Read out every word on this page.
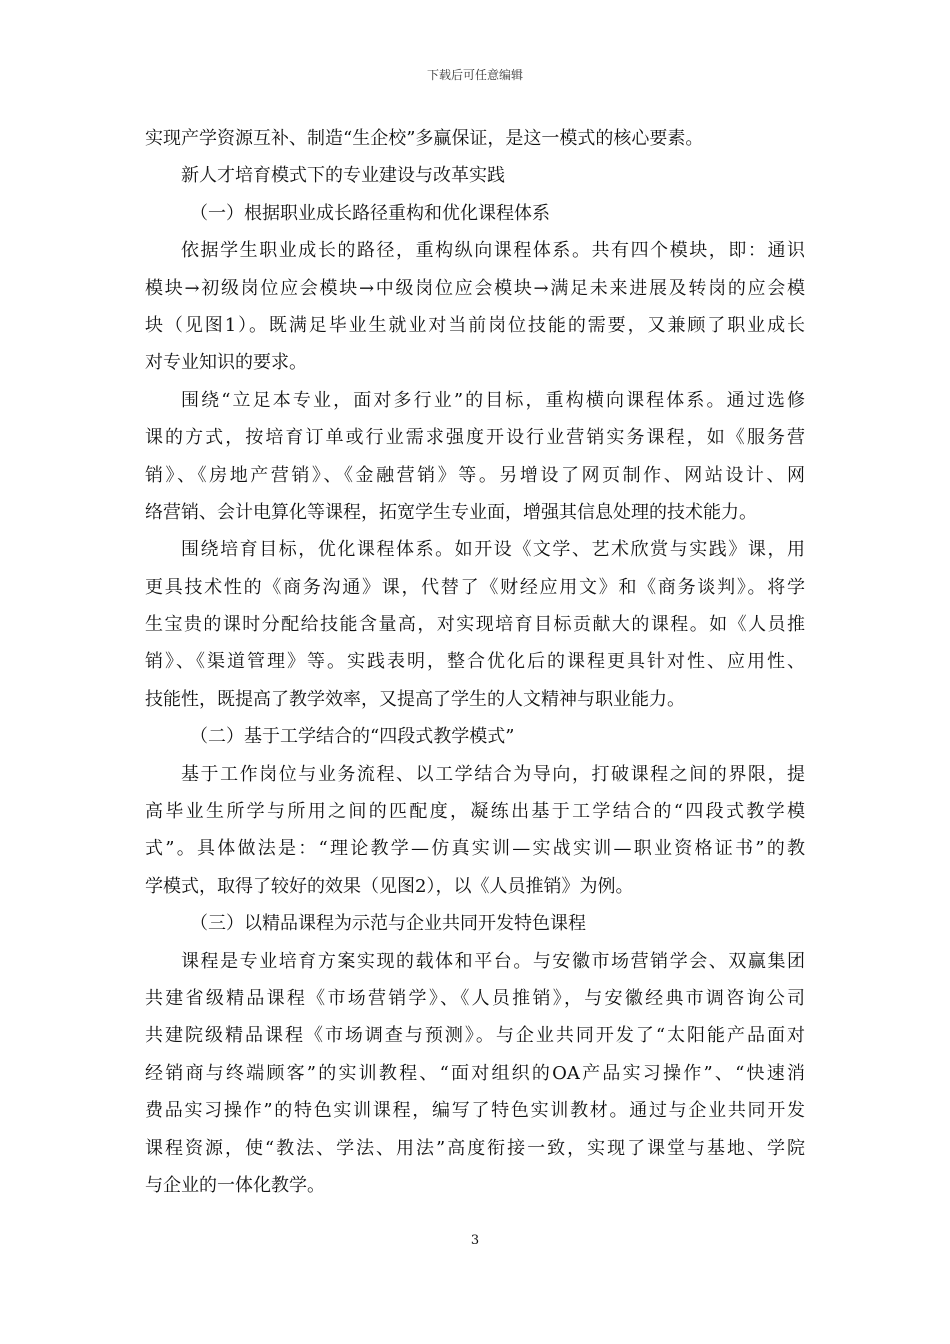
下载后可任意编辑
实现产学资源互补、制造“生企校”多赢保证，是这一模式的核心要素。
新人才培育模式下的专业建设与改革实践
（一）根据职业成长路径重构和优化课程体系
依据学生职业成长的路径，重构纵向课程体系。共有四个模块，即：通识
模块→初级岗位应会模块→中级岗位应会模块→满足未来进展及转岗的应会模
块（见图1）。既满足毕业生就业对当前岗位技能的需要，又兼顾了职业成长
对专业知识的要求。
围绕“立足本专业，面对多行业”的目标，重构横向课程体系。通过选修
课的方式，按培育订单或行业需求强度开设行业营销实务课程，如《服务营
销》、《房地产营销》、《金融营销》等。另增设了网页制作、网站设计、网
络营销、会计电算化等课程，拓宽学生专业面，增强其信息处理的技术能力。
围绕培育目标，优化课程体系。如开设《文学、艺术欣赏与实践》课，用
更具技术性的《商务沟通》课，代替了《财经应用文》和《商务谈判》。将学
生宝贵的课时分配给技能含量高，对实现培育目标贡献大的课程。如《人员推
销》、《渠道管理》等。实践表明，整合优化后的课程更具针对性、应用性、
技能性，既提高了教学效率，又提高了学生的人文精神与职业能力。
（二）基于工学结合的“四段式教学模式”
基于工作岗位与业务流程、以工学结合为导向，打破课程之间的界限，提
高毕业生所学与所用之间的匹配度，凝练出基于工学结合的“四段式教学模
式”。具体做法是：“理论教学—仿真实训—实战实训—职业资格证书”的教
学模式，取得了较好的效果（见图2），以《人员推销》为例。
（三）以精品课程为示范与企业共同开发特色课程
课程是专业培育方案实现的载体和平台。与安徽市场营销学会、双赢集团
共建省级精品课程《市场营销学》、《人员推销》，与安徽经典市调咨询公司
共建院级精品课程《市场调查与预测》。与企业共同开发了“太阳能产品面对
经销商与终端顾客”的实训教程、“面对组织的OA产品实习操作”、“快速消
费品实习操作”的特色实训课程，编写了特色实训教材。通过与企业共同开发
课程资源，使“教法、学法、用法”高度衔接一致，实现了课堂与基地、学院
与企业的一体化教学。
3
